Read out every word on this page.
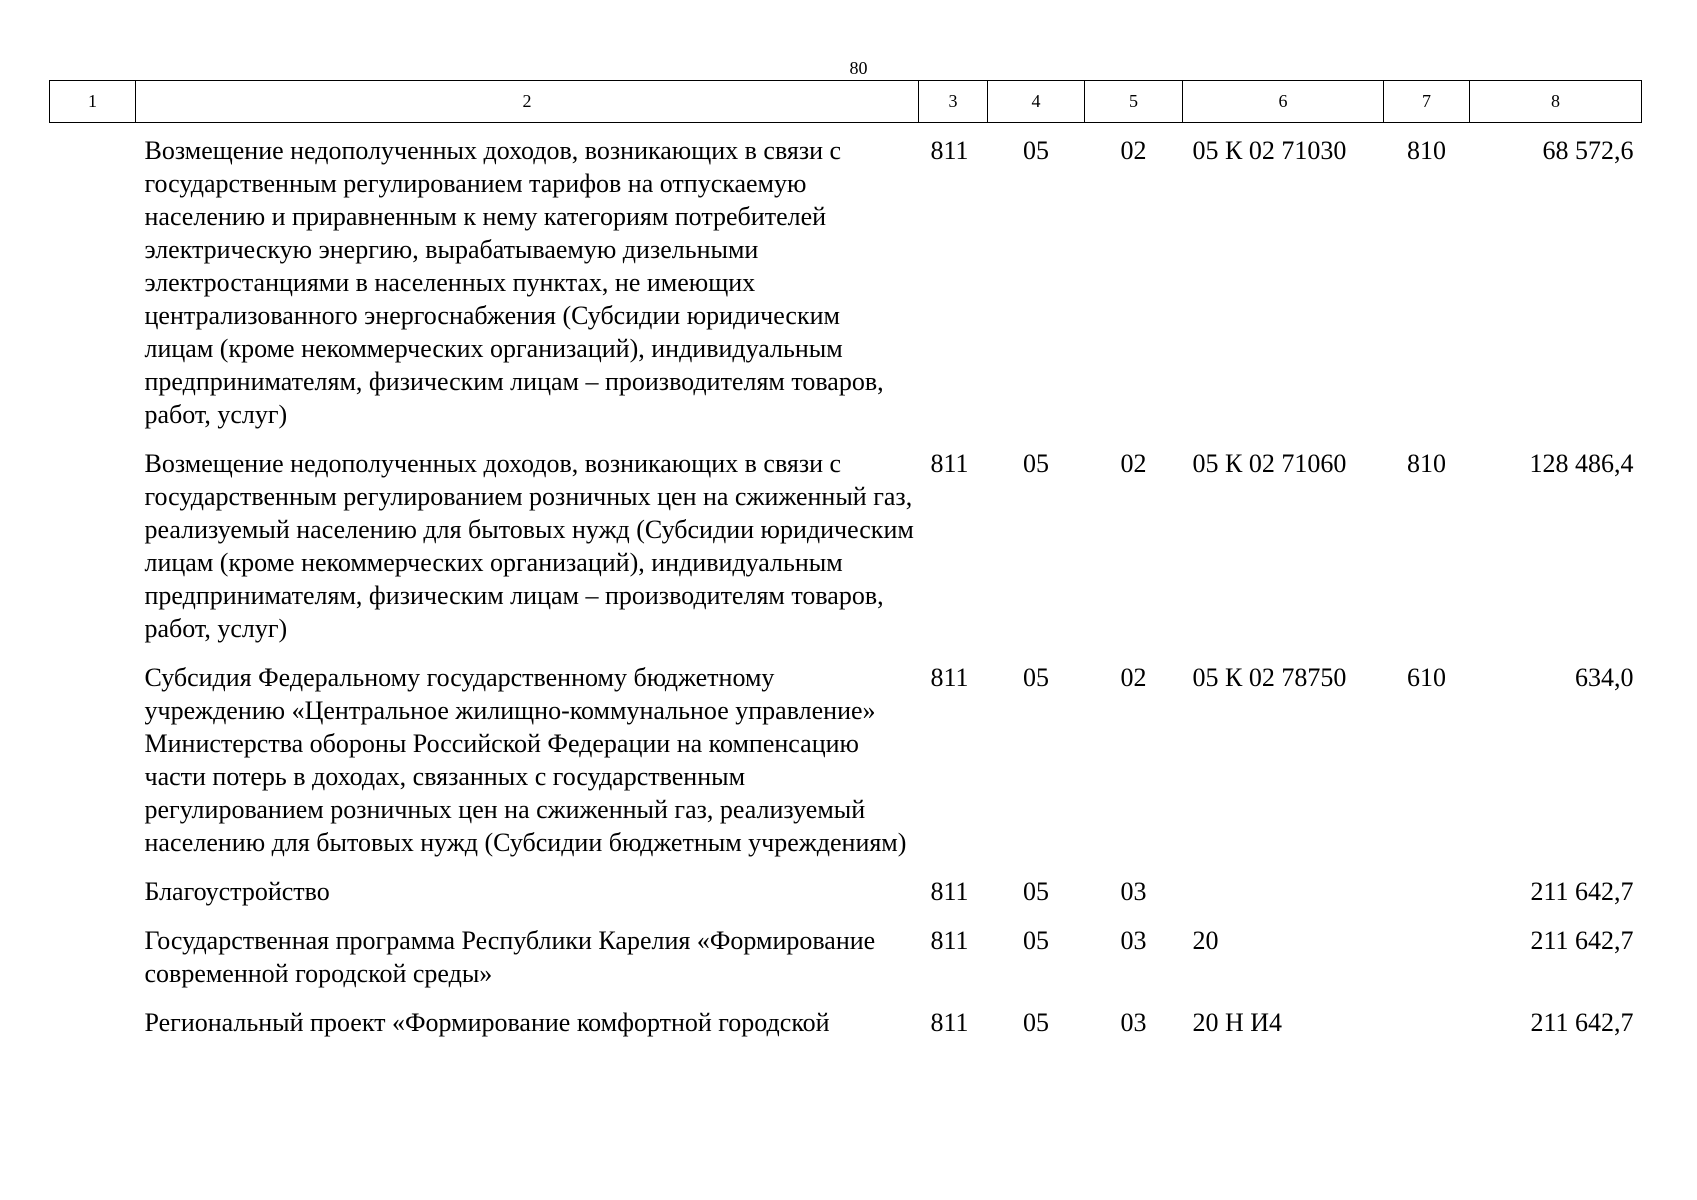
80
1	2	3	4	5	6	7	8
	Возмещение недополученных доходов, возникающих в связи с государственным регулированием тарифов на отпускаемую населению и приравненным к нему категориям потребителей электрическую энергию, вырабатываемую дизельными электростанциями в населенных пунктах, не имеющих централизованного энергоснабжения (Субсидии юридическим лицам (кроме некоммерческих организаций), индивидуальным предпринимателям, физическим лицам – производителям товаров, работ, услуг)	811	05	02	05 К 02 71030	810	68 572,6
	Возмещение недополученных доходов, возникающих в связи с государственным регулированием розничных цен на сжиженный газ, реализуемый населению для бытовых нужд (Субсидии юридическим лицам (кроме некоммерческих организаций), индивидуальным предпринимателям, физическим лицам – производителям товаров, работ, услуг)	811	05	02	05 К 02 71060	810	128 486,4
	Субсидия Федеральному государственному бюджетному учреждению «Центральное жилищно-коммунальное управление» Министерства обороны Российской Федерации на компенсацию части потерь в доходах, связанных с государственным регулированием розничных цен на сжиженный газ, реализуемый населению для бытовых нужд (Субсидии бюджетным учреждениям)	811	05	02	05 К 02 78750	610	634,0
	Благоустройство	811	05	03			211 642,7
	Государственная программа Республики Карелия «Формирование современной городской среды»	811	05	03	20		211 642,7
	Региональный проект «Формирование комфортной городской	811	05	03	20 Н И4		211 642,7
